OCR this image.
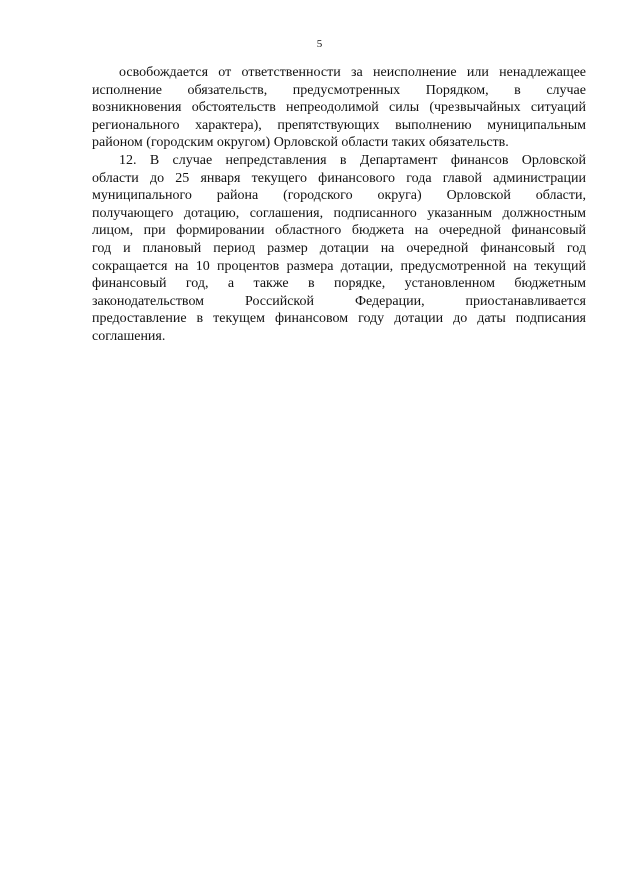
5
освобождается от ответственности за неисполнение или ненадлежащее
исполнение обязательств, предусмотренных Порядком, в случае
возникновения обстоятельств непреодолимой силы (чрезвычайных ситуаций
регионального характера), препятствующих выполнению муниципальным
районом (городским округом) Орловской области таких обязательств.
12. В случае непредставления в Департамент финансов Орловской
области до 25 января текущего финансового года главой администрации
муниципального района (городского округа) Орловской области,
получающего дотацию, соглашения, подписанного указанным должностным
лицом, при формировании областного бюджета на очередной финансовый
год и плановый период размер дотации на очередной финансовый год
сокращается на 10 процентов размера дотации, предусмотренной на текущий
финансовый год, а также в порядке, установленном бюджетным
законодательством Российской Федерации, приостанавливается
предоставление в текущем финансовом году дотации до даты подписания
соглашения.
